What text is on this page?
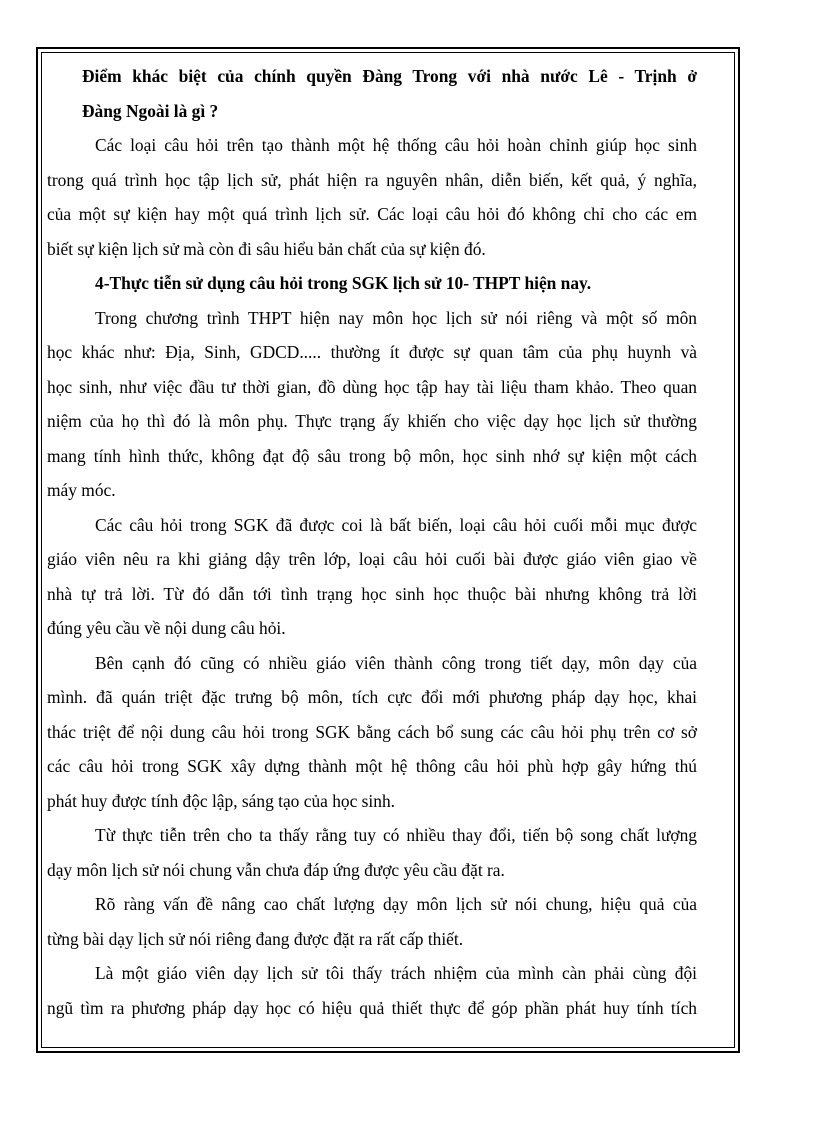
Điểm khác biệt của chính quyền Đàng Trong với nhà nước Lê - Trịnh ở
Đàng Ngoài là gì ?
Các loại câu hỏi trên tạo thành một hệ thống câu hỏi hoàn chỉnh giúp học sinh
trong quá trình học tập lịch sử, phát hiện ra nguyên nhân, diễn biến, kết quả, ý nghĩa,
của một sự kiện hay một quá trình lịch sử. Các loại câu hỏi đó không chỉ cho các em
biết sự kiện lịch sử mà còn đi sâu hiểu bản chất của sự kiện đó.
4-Thực tiễn sử dụng câu hỏi trong SGK lịch sử 10- THPT hiện nay.
Trong chương trình THPT hiện nay môn học lịch sử nói riêng và một số môn
học khác như: Địa, Sinh, GDCD..... thường ít được sự quan tâm của phụ huynh và
học sinh, như việc đầu tư thời gian, đồ dùng học tập hay tài liệu tham khảo. Theo quan
niệm của họ thì đó là môn phụ. Thực trạng ấy khiến cho việc dạy học lịch sử thường
mang tính hình thức, không đạt độ sâu trong bộ môn, học sinh nhớ sự kiện một cách
máy móc.
Các câu hỏi trong SGK đã được coi là bất biến, loại câu hỏi cuối mỗi mục được
giáo viên nêu ra khi giảng dậy trên lớp, loại câu hỏi cuối bài được giáo viên giao về
nhà tự trả lời. Từ đó dẫn tới tình trạng học sinh học thuộc bài nhưng không trả lời
đúng yêu cầu về nội dung câu hỏi.
Bên cạnh đó cũng có nhiều giáo viên thành công trong tiết dạy, môn dạy của
mình. đã quán triệt đặc trưng bộ môn, tích cực đổi mới phương pháp dạy học, khai
thác triệt để nội dung câu hỏi trong SGK bằng cách bổ sung các câu hỏi phụ trên cơ sở
các câu hỏi trong SGK xây dựng thành một hệ thông câu hỏi phù hợp gây hứng thú
phát huy được tính độc lập, sáng tạo của học sinh.
Từ thực tiễn trên cho ta thấy rằng tuy có nhiều thay đổi, tiến bộ song chất lượng
dạy môn lịch sử nói chung vẫn chưa đáp ứng được yêu cầu đặt ra.
Rõ ràng vấn đề nâng cao chất lượng dạy môn lịch sử nói chung, hiệu quả của
từng bài dạy lịch sử nói riêng đang được đặt ra rất cấp thiết.
Là một giáo viên dạy lịch sử tôi thấy trách nhiệm của mình càn phải cùng đội
ngũ tìm ra phương pháp dạy học có hiệu quả thiết thực để góp phần phát huy tính tích
